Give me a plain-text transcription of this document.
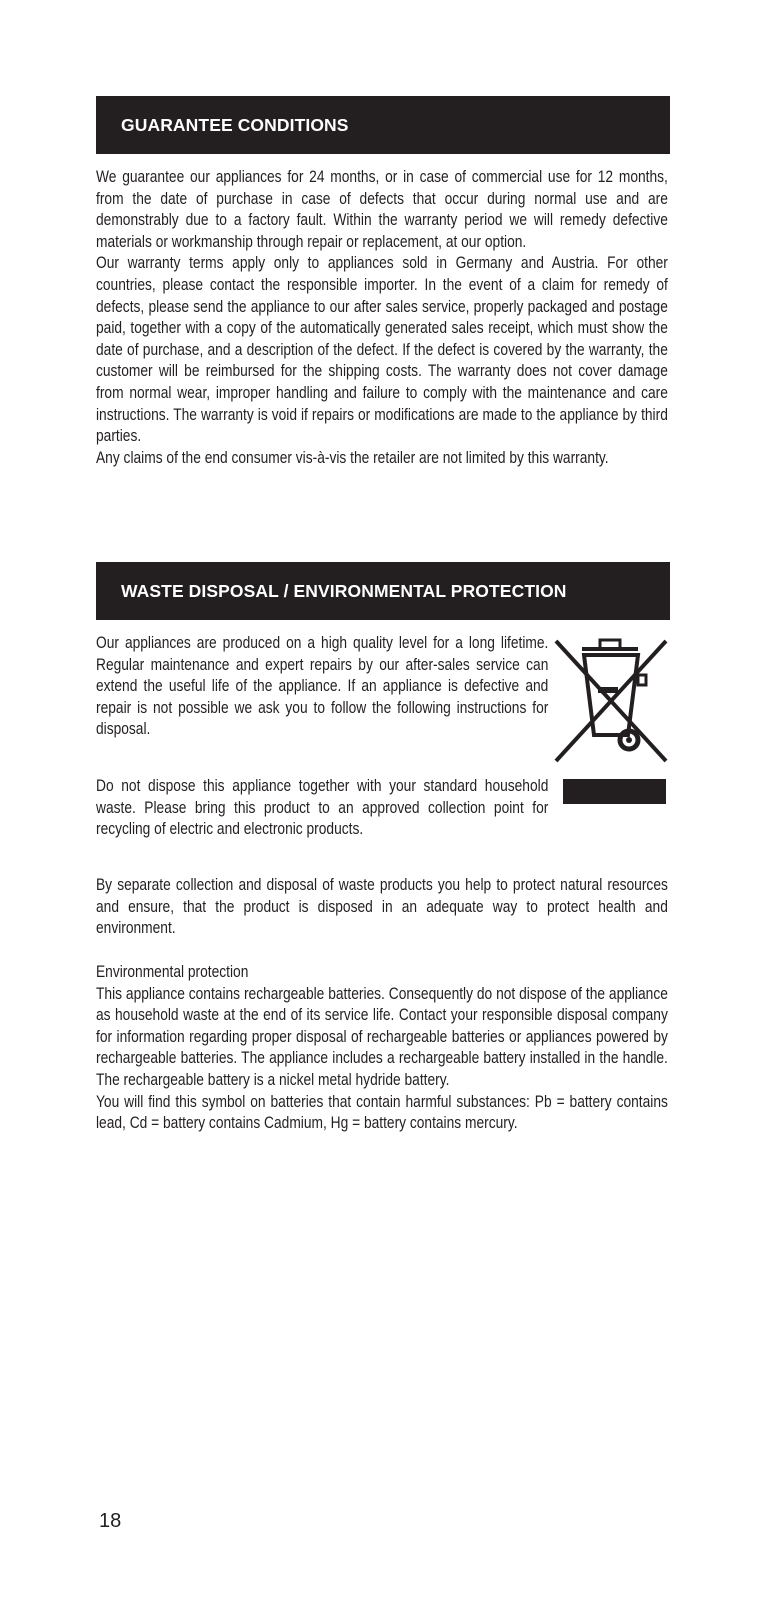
GUARANTEE CONDITIONS

We guarantee our appliances for 24 months, or in case of commercial use for 12 months, from the date of purchase in case of defects that occur during normal use and are demonstrably due to a factory fault. Within the warranty period we will remedy defective materials or workmanship through repair or replacement, at our option.

Our warranty terms apply only to appliances sold in Germany and Austria. For other countries, please contact the responsible importer. In the event of a claim for remedy of defects, please send the appliance to our after sales service, properly packaged and postage paid, together with a copy of the automatically generated sales receipt, which must show the date of purchase, and a description of the defect. If the defect is covered by the warranty, the customer will be reimbursed for the shipping costs. The warranty does not cover damage from normal wear, improper handling and failure to comply with the maintenance and care instructions. The warranty is void if repairs or modifications are made to the appliance by third parties.

Any claims of the end consumer vis-à-vis the retailer are not limited by this warranty.

WASTE DISPOSAL / ENVIRONMENTAL PROTECTION

Our appliances are produced on a high quality level for a long lifetime. Regular maintenance and expert repairs by our after-sales service can extend the useful life of the appliance. If an appliance is defective and repair is not possible we ask you to follow the following instructions for disposal.

Do not dispose this appliance together with your standard household waste. Please bring this product to an approved collection point for recycling of electric and electronic products.

By separate collection and disposal of waste products you help to protect natural resources and ensure, that the product is disposed in an adequate way to protect health and environment.

Environmental protection

This appliance contains rechargeable batteries. Consequently do not dispose of the appliance as household waste at the end of its service life. Contact your responsible disposal company for information regarding proper disposal of rechargeable batteries or appliances powered by rechargeable batteries. The appliance includes a rechargeable battery installed in the handle. The rechargeable battery is a nickel metal hydride battery.

You will find this symbol on batteries that contain harmful substances: Pb = battery contains lead, Cd = battery contains Cadmium, Hg = battery contains mercury.

18
